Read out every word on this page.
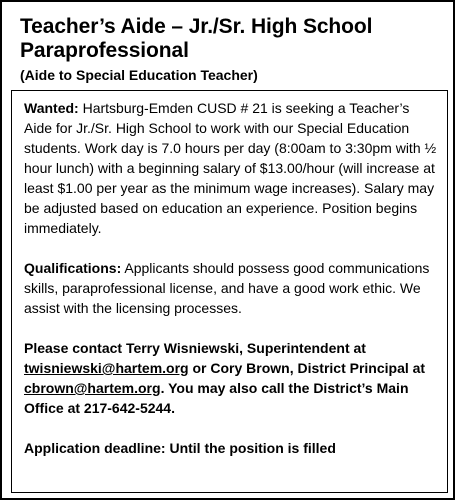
Teacher’s Aide – Jr./Sr. High School Paraprofessional

(Aide to Special Education Teacher)

Wanted: Hartsburg-Emden CUSD # 21 is seeking a Teacher’s Aide for Jr./Sr. High School to work with our Special Education students. Work day is 7.0 hours per day (8:00am to 3:30pm with ½ hour lunch) with a beginning salary of $13.00/hour (will increase at least $1.00 per year as the minimum wage increases). Salary may be adjusted based on education an experience. Position begins immediately.

Qualifications: Applicants should possess good communications skills, paraprofessional license, and have a good work ethic. We assist with the licensing processes.

Please contact Terry Wisniewski, Superintendent at twisniewski@hartem.org or Cory Brown, District Principal at cbrown@hartem.org. You may also call the District’s Main Office at 217-642-5244.

Application deadline: Until the position is filled
